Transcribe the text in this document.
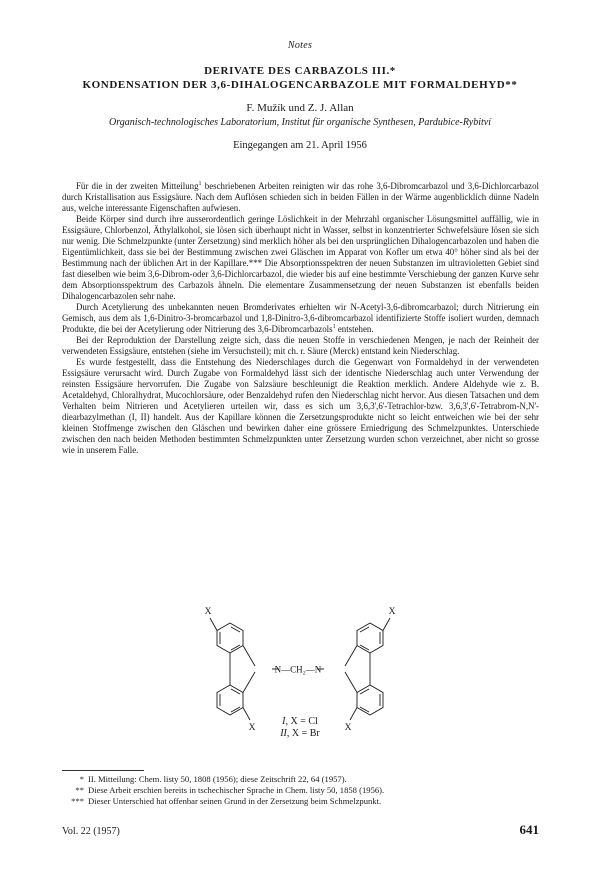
Notes
DERIVATE DES CARBAZOLS III.*
KONDENSATION DER 3,6-DIHALOGENCARBAZOLE MIT FORMALDEHYD**
F. Mužík und Z. J. Allan
Organisch-technologisches Laboratorium, Institut für organische Synthesen, Pardubice-Rybitví
Eingegangen am 21. April 1956

Für die in der zweiten Mitteilung$^1$ beschriebenen Arbeiten reinigten wir das rohe 3,6-Dibromcarbazol und 3,6-Dichlorcarbazol durch Kristallisation aus Essigsäure. Nach dem Auflösen schieden sich in beiden Fällen in der Wärme augenblicklich dünne Nadeln aus, welche interessante Eigenschaften aufwiesen.

Beide Körper sind durch ihre ausserordentlich geringe Löslichkeit in der Mehrzahl organischer Lösungsmittel auffällig, wie in Essigsäure, Chlorbenzol, Äthylalkohol, sie lösen sich überhaupt nicht in Wasser, selbst in konzentrierter Schwefelsäure lösen sie sich nur wenig. Die Schmelzpunkte (unter Zersetzung) sind merklich höher als bei den ursprünglichen Dihalogencarbazolen und haben die Eigentümlichkeit, dass sie bei der Bestimmung zwischen zwei Gläschen im Apparat von Kofler um etwa 40° höher sind als bei der Bestimmung nach der üblichen Art in der Kapillare.*** Die Absorptionsspektren der neuen Substanzen im ultravioletten Gebiet sind fast dieselben wie beim 3,6-Dibrom-oder 3,6-Dichlorcarbazol, die wieder bis auf eine bestimmte Verschiebung der ganzen Kurve sehr dem Absorptionsspektrum des Carbazols ähneln. Die elementare Zusammensetzung der neuen Substanzen ist ebenfalls beiden Dihalogencarbazolen sehr nahe.

Durch Acetylierung des unbekannten neuen Bromderivates erhielten wir N-Acetyl-3,6-dibromcarbazol; durch Nitrierung ein Gemisch, aus dem als 1,6-Dinitro-3-bromcarbazol und 1,8-Dinitro-3,6-dibromcarbazol identifizierte Stoffe isoliert wurden, demnach Produkte, die bei der Acetylierung oder Nitrierung des 3,6-Dibromcarbazols$^1$ entstehen.

Bei der Reproduktion der Darstellung zeigte sich, dass die neuen Stoffe in verschiedenen Mengen, je nach der Reinheit der verwendeten Essigsäure, entstehen (siehe im Versuchsteil); mit ch. r. Säure (Merck) entstand kein Niederschlag.

Es wurde festgestellt, dass die Entstehung des Niederschlages durch die Gegenwart von Formaldehyd in der verwendeten Essigsäure verursacht wird. Durch Zugabe von Formaldehyd lässt sich der identische Niederschlag auch unter Verwendung der reinsten Essigsäure hervorrufen. Die Zugabe von Salzsäure beschleunigt die Reaktion merklich. Andere Aldehyde wie z. B. Acetaldehyd, Chloralhydrat, Mucochlorsäure, oder Benzaldehyd rufen den Niederschlag nicht hervor. Aus diesen Tatsachen und dem Verhalten beim Nitrieren und Acetylieren urteilen wir, dass es sich um 3,6,3',6'-Tetrachlor-bzw. 3,6,3',6'-Tetrabrom-N,N'-diearbazylmethan (I, II) handelt. Aus der Kapillare können die Zersetzungsprodukte nicht so leicht entweichen wie bei der sehr kleinen Stoffmenge zwischen den Gläschen und bewirken daher eine grössere Erniedrigung des Schmelzpunktes. Unterschiede zwischen den nach beiden Methoden bestimmten Schmelzpunkten unter Zersetzung wurden schon verzeichnet, aber nicht so grosse wie in unserem Falle.

X	X
X	X
N—CH₂—N
I, X = Cl
II, X = Br
* II. Mitteilung: Chem. listy 50, 1808 (1956); diese Zeitschrift 22, 64 (1957).
** Diese Arbeit erschien bereits in tschechischer Sprache in Chem. listy 50, 1858 (1956).
*** Dieser Unterschied hat offenbar seinen Grund in der Zersetzung beim Schmelzpunkt.
Vol. 22 (1957)	641
